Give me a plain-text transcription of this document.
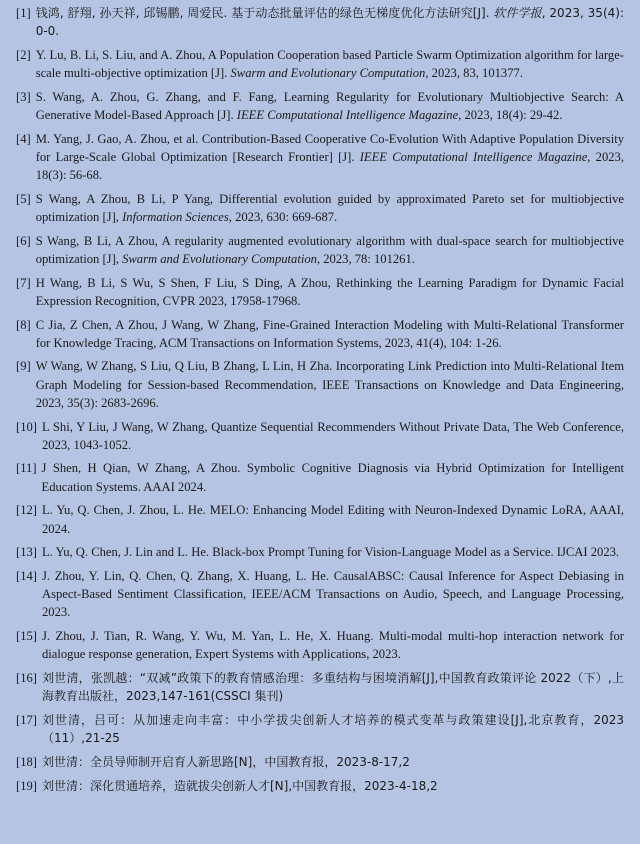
[1] 钱鸿, 舒翔, 孙天祥, 邱锡鹏, 周爱民. 基于动态批量评估的绿色无梯度优化方法研究[J]. 软件学报, 2023, 35(4): 0-0.
[2] Y. Lu, B. Li, S. Liu, and A. Zhou, A Population Cooperation based Particle Swarm Optimization algorithm for large-scale multi-objective optimization [J]. Swarm and Evolutionary Computation, 2023, 83, 101377.
[3] S. Wang, A. Zhou, G. Zhang, and F. Fang, Learning Regularity for Evolutionary Multiobjective Search: A Generative Model-Based Approach [J]. IEEE Computational Intelligence Magazine, 2023, 18(4): 29-42.
[4] M. Yang, J. Gao, A. Zhou, et al. Contribution-Based Cooperative Co-Evolution With Adaptive Population Diversity for Large-Scale Global Optimization [Research Frontier] [J]. IEEE Computational Intelligence Magazine, 2023, 18(3): 56-68.
[5] S Wang, A Zhou, B Li, P Yang, Differential evolution guided by approximated Pareto set for multiobjective optimization [J], Information Sciences, 2023, 630: 669-687.
[6] S Wang, B Li, A Zhou, A regularity augmented evolutionary algorithm with dual-space search for multiobjective optimization [J], Swarm and Evolutionary Computation, 2023, 78: 101261.
[7] H Wang, B Li, S Wu, S Shen, F Liu, S Ding, A Zhou, Rethinking the Learning Paradigm for Dynamic Facial Expression Recognition, CVPR 2023, 17958-17968.
[8] C Jia, Z Chen, A Zhou, J Wang, W Zhang, Fine-Grained Interaction Modeling with Multi-Relational Transformer for Knowledge Tracing, ACM Transactions on Information Systems, 2023, 41(4), 104: 1-26.
[9] W Wang, W Zhang, S Liu, Q Liu, B Zhang, L Lin, H Zha. Incorporating Link Prediction into Multi-Relational Item Graph Modeling for Session-based Recommendation, IEEE Transactions on Knowledge and Data Engineering, 2023, 35(3): 2683-2696.
[10] L Shi, Y Liu, J Wang, W Zhang, Quantize Sequential Recommenders Without Private Data, The Web Conference, 2023, 1043-1052.
[11] J Shen, H Qian, W Zhang, A Zhou. Symbolic Cognitive Diagnosis via Hybrid Optimization for Intelligent Education Systems. AAAI 2024.
[12] L. Yu, Q. Chen, J. Zhou, L. He. MELO: Enhancing Model Editing with Neuron-Indexed Dynamic LoRA, AAAI, 2024.
[13] L. Yu, Q. Chen, J. Lin and L. He. Black-box Prompt Tuning for Vision-Language Model as a Service. IJCAI 2023.
[14] J. Zhou, Y. Lin, Q. Chen, Q. Zhang, X. Huang, L. He. CausalABSC: Causal Inference for Aspect Debiasing in Aspect-Based Sentiment Classification, IEEE/ACM Transactions on Audio, Speech, and Language Processing, 2023.
[15] J. Zhou, J. Tian, R. Wang, Y. Wu, M. Yan, L. He, X. Huang. Multi-modal multi-hop interaction network for dialogue response generation, Expert Systems with Applications, 2023.
[16] 刘世清，张凯越：“双减”政策下的教育情感治理：多重结构与困境消解[J],中国教育政策评论 2022（下）,上海教育出版社，2023,147-161(CSSCI 集刊)
[17] 刘世清，吕可：从加速走向丰富：中小学拔尖创新人才培养的模式变革与政策建设[J],北京教育，2023（11）,21-25
[18] 刘世清：全员导师制开启育人新思路[N]，中国教育报，2023-8-17,2
[19] 刘世清：深化贯通培养，造就拔尖创新人才[N],中国教育报，2023-4-18,2
